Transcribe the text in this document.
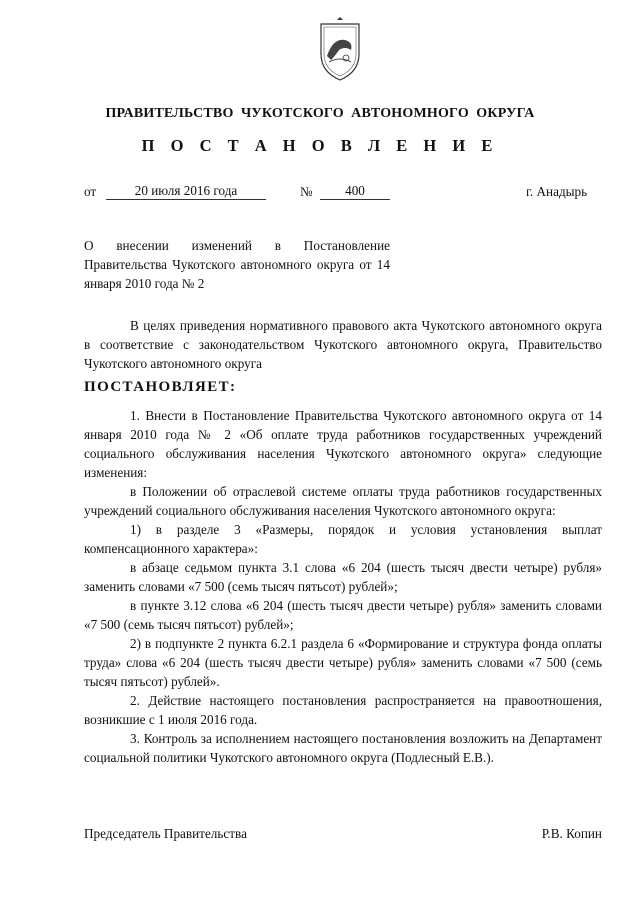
ПРАВИТЕЛЬСТВО  ЧУКОТСКОГО  АВТОНОМНОГО  ОКРУГА
П О С Т А Н О В Л Е Н И Е
от	20 июля 2016 года	№	400	г. Анадырь
О внесении изменений в Постановление Правительства Чукотского автономного округа от 14 января 2010 года № 2

В целях приведения нормативного правового акта Чукотского автономного округа в соответствие с законодательством Чукотского автономного округа, Правительство Чукотского автономного округа

ПОСТАНОВЛЯЕТ:

1. Внести в Постановление Правительства Чукотского автономного округа от 14 января 2010 года № 2 «Об оплате труда работников государственных учреждений социального обслуживания населения Чукотского автономного округа» следующие изменения:

в Положении об отраслевой системе оплаты труда работников государственных учреждений социального обслуживания населения Чукотского автономного округа:

1) в разделе 3 «Размеры, порядок и условия установления выплат компенсационного характера»:

в абзаце седьмом пункта 3.1 слова «6 204 (шесть тысяч двести четыре) рубля» заменить словами «7 500 (семь тысяч пятьсот) рублей»;

в пункте 3.12 слова «6 204 (шесть тысяч двести четыре) рубля» заменить словами «7 500 (семь тысяч пятьсот) рублей»;

2) в подпункте 2 пункта 6.2.1 раздела 6 «Формирование и структура фонда оплаты труда» слова «6 204 (шесть тысяч двести четыре) рубля» заменить словами «7 500 (семь тысяч пятьсот) рублей».

2. Действие настоящего постановления распространяется на правоотношения, возникшие с 1 июля 2016 года.

3. Контроль за исполнением настоящего постановления возложить на Департамент социальной политики Чукотского автономного округа (Подлесный Е.В.).

Председатель Правительства	Р.В. Копин
